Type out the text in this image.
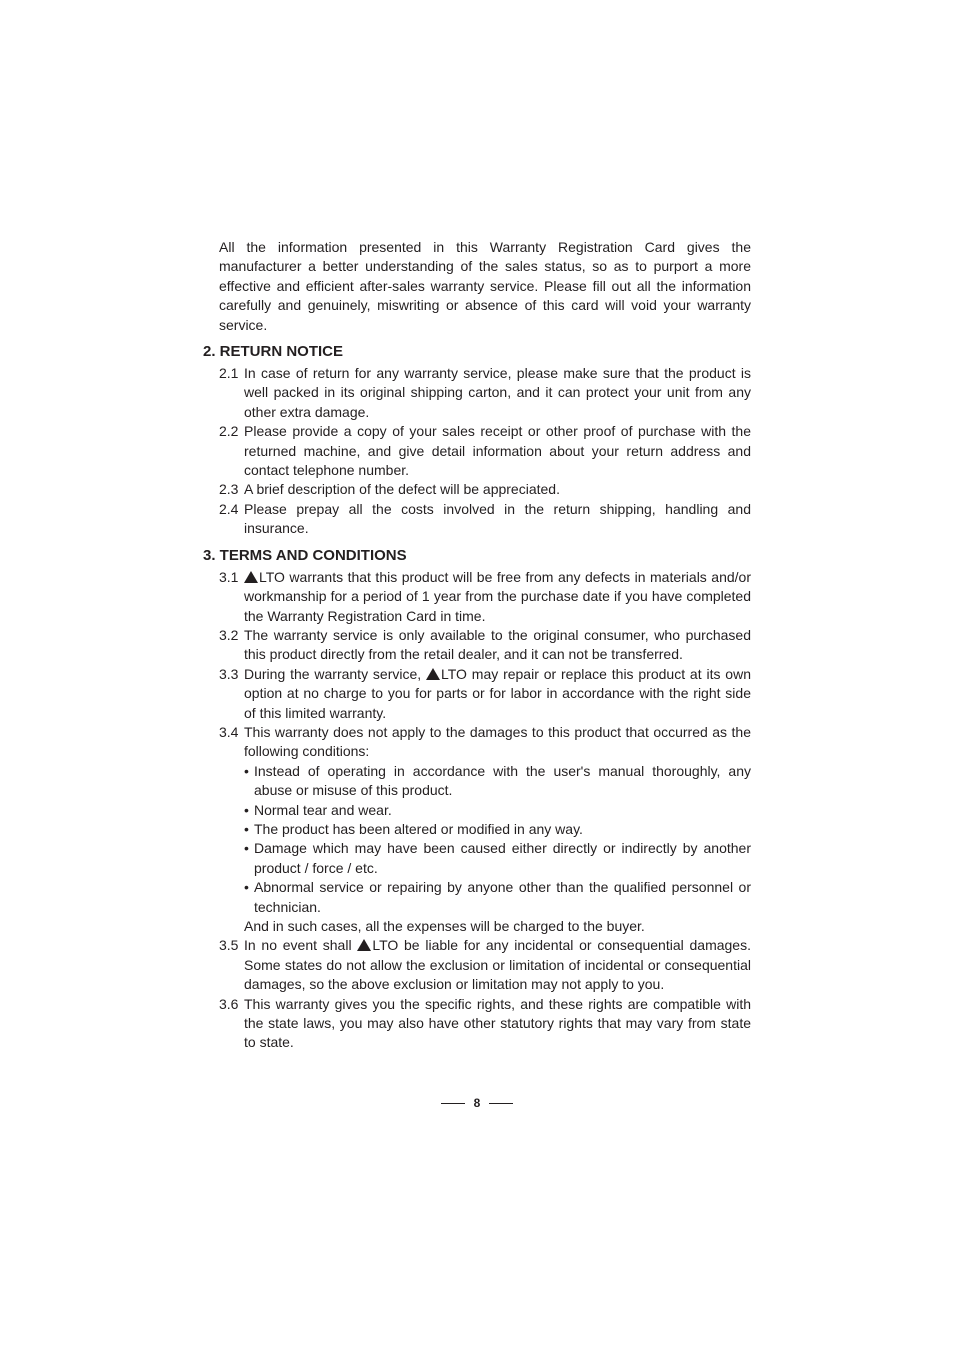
All the information presented in this Warranty Registration Card gives the manufacturer a better understanding of the sales status, so as to purport a more effective and efficient after-sales warranty service. Please fill out all the information carefully and genuinely, miswriting or absence of this card will void your warranty service.

2. RETURN NOTICE
2.1 In case of return for any warranty service, please make sure that the product is well packed in its original shipping carton, and it can protect your unit from any other extra damage.
2.2 Please provide a copy of your sales receipt or other proof of purchase with the returned machine, and give detail information about your return address and contact telephone number.
2.3 A brief description of the defect will be appreciated.
2.4 Please prepay all the costs involved in the return shipping, handling and insurance.
3. TERMS AND CONDITIONS
3.1	LTO warrants that this product will be free from any defects in materials and/or workmanship for a period of 1 year from the purchase date if you have completed the Warranty Registration Card in time.
3.2 The warranty service is only available to the original consumer, who purchased this product directly from the retail dealer, and it can not be transferred.
3.3 During the warranty service, LTO may repair or replace this product at its own option at no charge to you for parts or for labor in accordance with the right side of this limited warranty.
3.4 This warranty does not apply to the damages to this product that occurred as the following conditions:
• Instead of operating in accordance with the user's manual thoroughly, any abuse or misuse of this product.
• Normal tear and wear.
• The product has been altered or modified in any way.
• Damage which may have been caused either directly or indirectly by another product / force / etc.
• Abnormal service or repairing by anyone other than the qualified personnel or technician.
And in such cases, all the expenses will be charged to the buyer.
3.5 In no event shall LTO be liable for any incidental or consequential damages. Some states do not allow the exclusion or limitation of incidental or consequential damages, so the above exclusion or limitation may not apply to you.
3.6 This warranty gives you the specific rights, and these rights are compatible with the state laws, you may also have other statutory rights that may vary from state to state.
8
